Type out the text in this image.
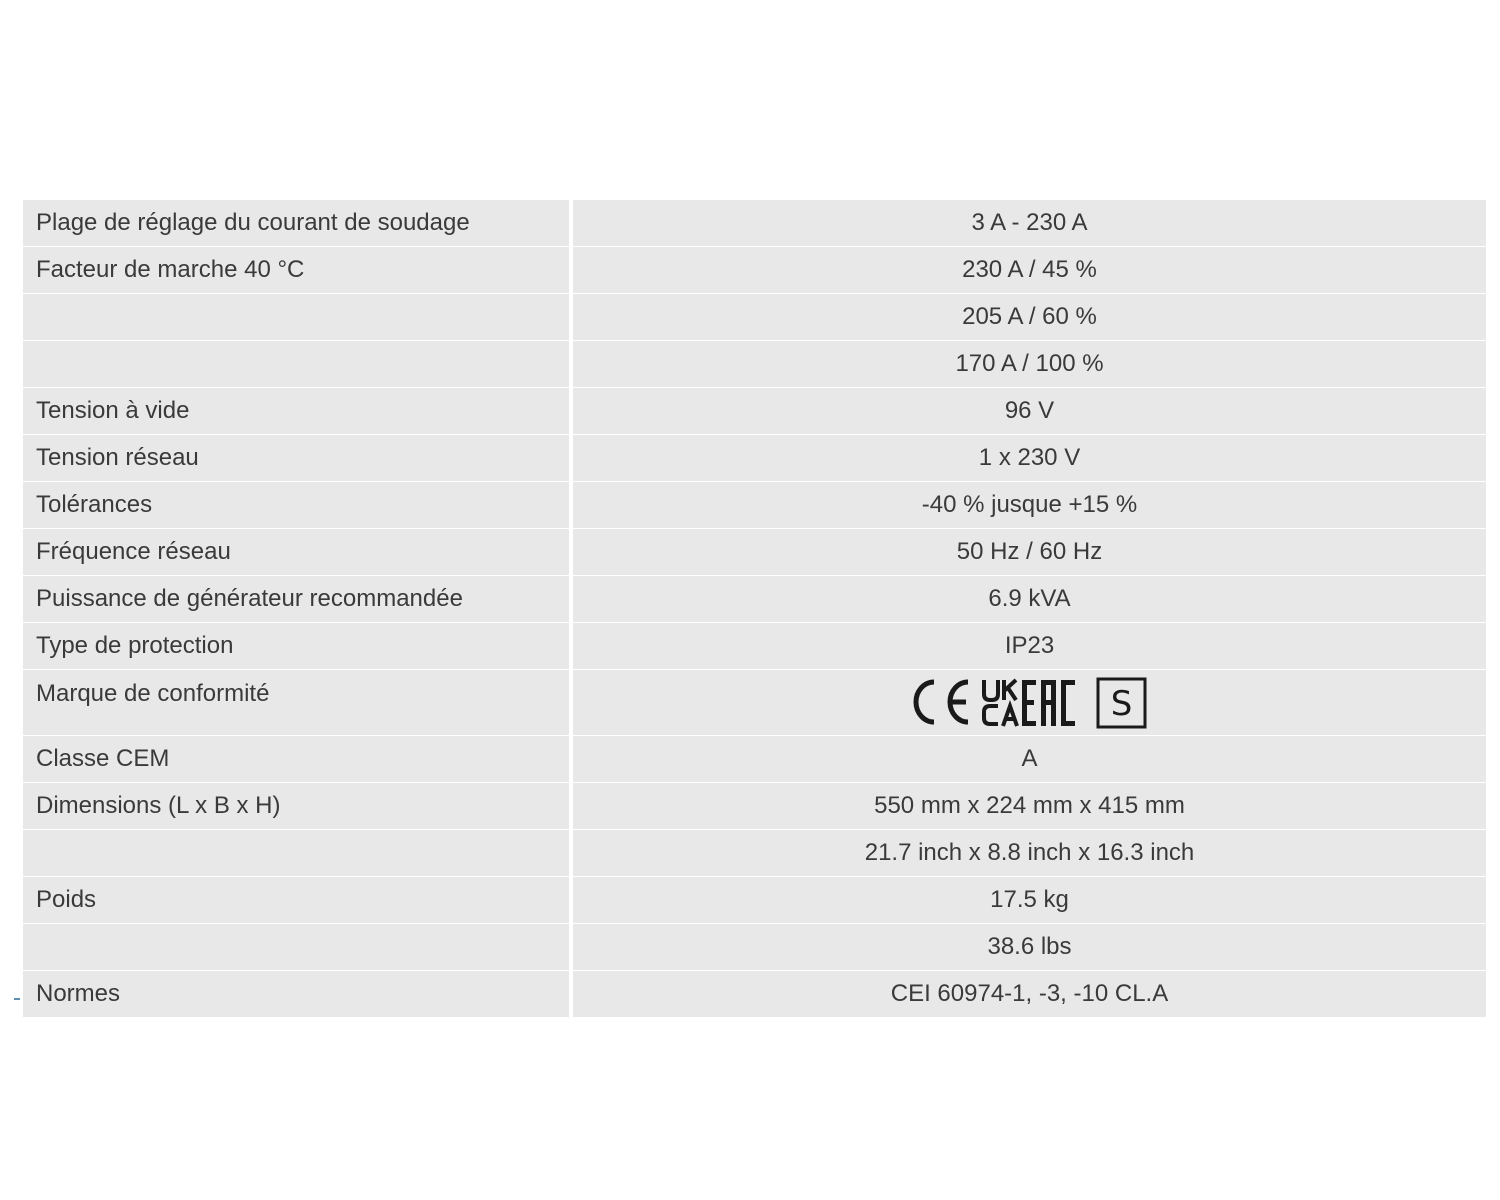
Plage de réglage du courant de soudage	3 A - 230 A
Facteur de marche 40 °C	230 A / 45 %
205 A / 60 %
170 A / 100 %
Tension à vide	96 V
Tension réseau	1 x 230 V
Tolérances	-40 % jusque +15 %
Fréquence réseau	50 Hz / 60 Hz
Puissance de générateur recommandée	6.9 kVA
Type de protection	IP23
Marque de conformité	S
Classe CEM	A
Dimensions (L x B x H)	550 mm x 224 mm x 415 mm
21.7 inch x 8.8 inch x 16.3 inch
Poids	17.5 kg
38.6 lbs
Normes	CEI 60974-1, -3, -10 CL.A
